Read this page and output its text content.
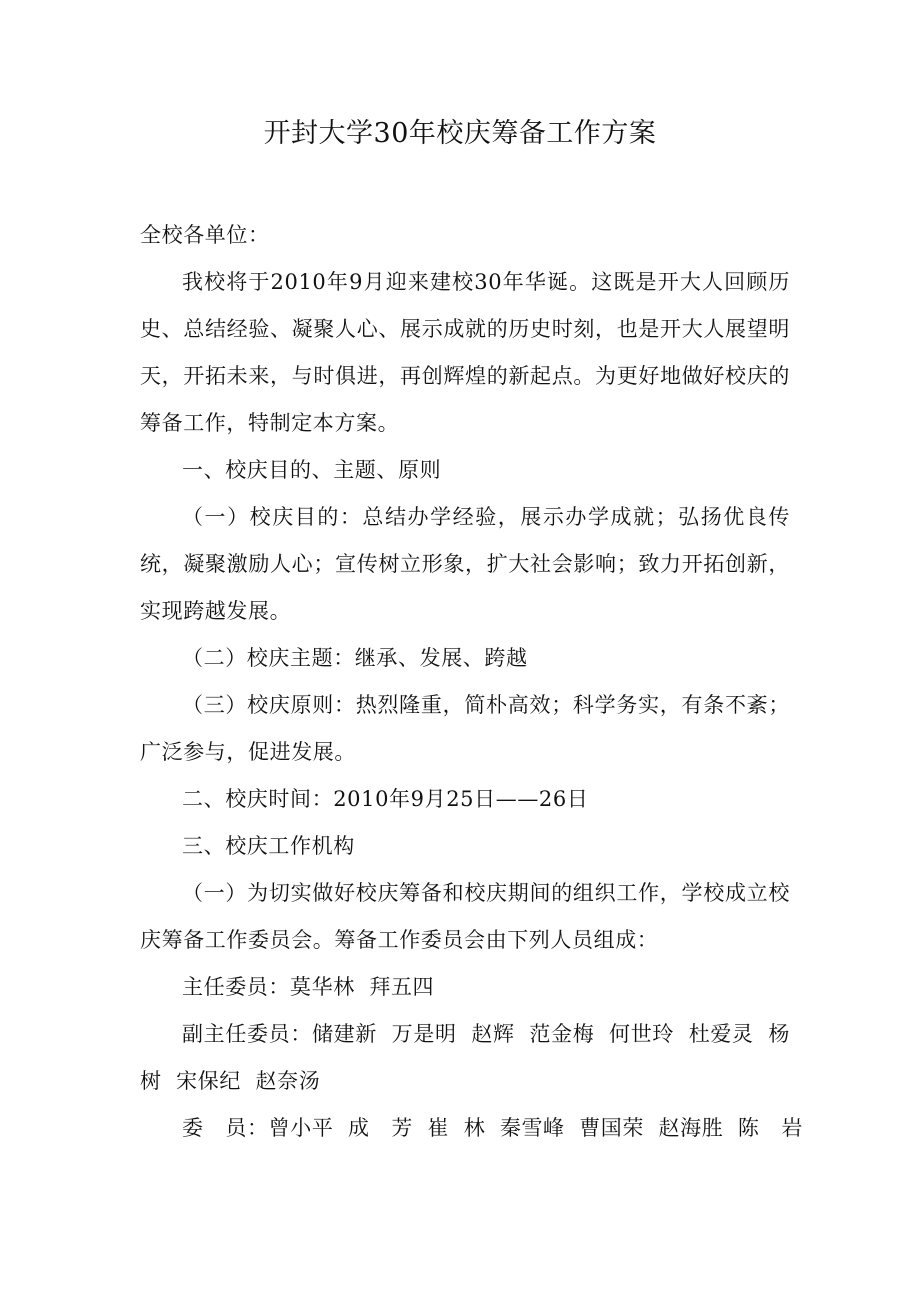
开封大学30年校庆筹备工作方案

全校各单位：

我校将于2010年9月迎来建校30年华诞。这既是开大人回顾历史、总结经验、凝聚人心、展示成就的历史时刻，也是开大人展望明天，开拓未来，与时俱进，再创辉煌的新起点。为更好地做好校庆的筹备工作，特制定本方案。

一、校庆目的、主题、原则

（一）校庆目的：总结办学经验，展示办学成就；弘扬优良传统，凝聚激励人心；宣传树立形象，扩大社会影响；致力开拓创新，实现跨越发展。

（二）校庆主题：继承、发展、跨越

（三）校庆原则：热烈隆重，简朴高效；科学务实，有条不紊；广泛参与，促进发展。

二、校庆时间：2010年9月25日——26日

三、校庆工作机构

（一）为切实做好校庆筹备和校庆期间的组织工作，学校成立校庆筹备工作委员会。筹备工作委员会由下列人员组成：

主任委员：莫华林  拜五四

副主任委员：储建新  万是明  赵辉  范金梅  何世玲  杜爱灵  杨树  宋保纪  赵奈汤

委   员：曾小平  成   芳  崔  林  秦雪峰  曹国荣  赵海胜  陈   岩
